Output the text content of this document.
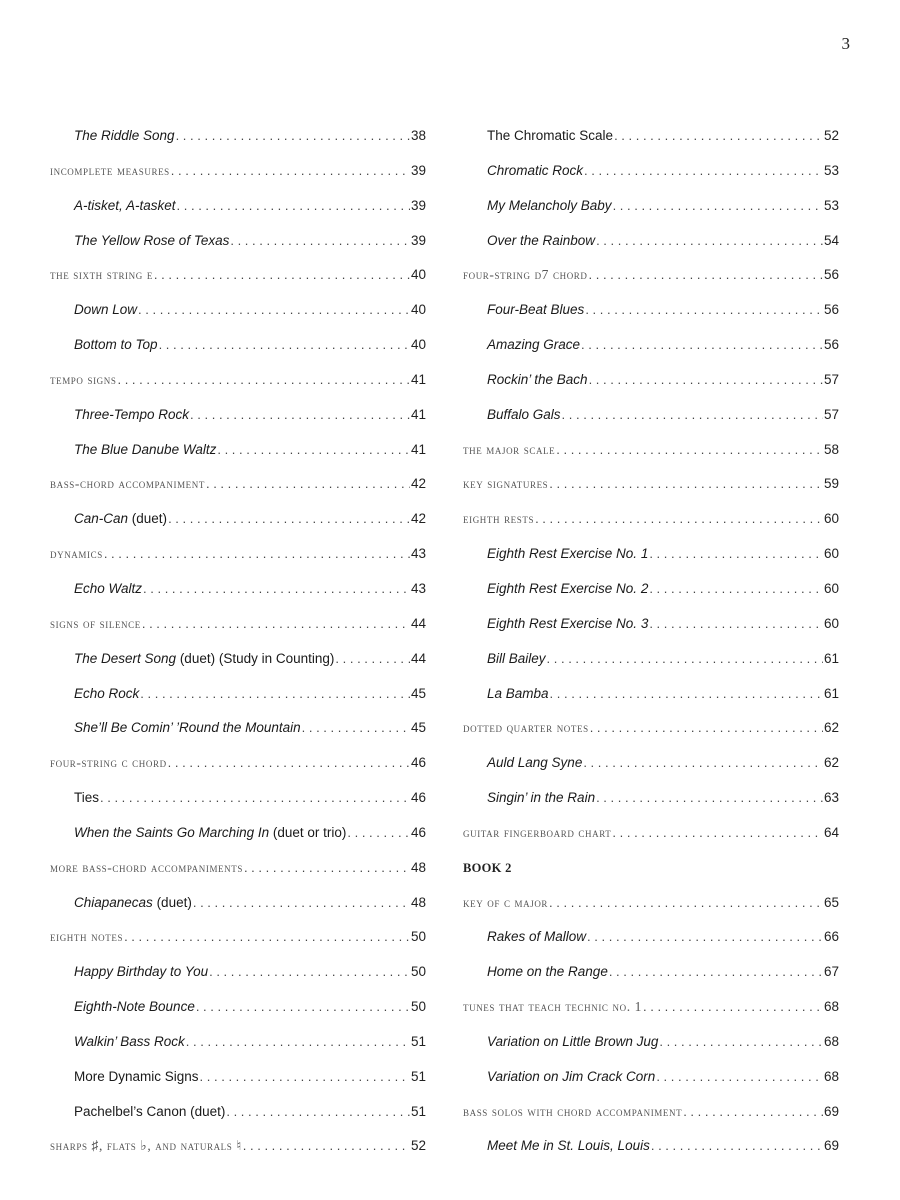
3
The Riddle Song . . .	38
incomplete measures . . .	39
A-tisket, A-tasket . . .	39
The Yellow Rose of Texas . . .	39
the sixth string e . . .	40
Down Low . . .	40
Bottom to Top . . .	40
tempo signs . . .	41
Three-Tempo Rock . . .	41
The Blue Danube Waltz . . .	41
bass-chord accompaniment . . .	42
Can-Can (duet) . . .	42
dynamics . . .	43
Echo Waltz . . .	43
signs of silence . . .	44
The Desert Song (duet) (Study in Counting) . . .	44
Echo Rock . . .	45
She’ll Be Comin’ ’Round the Mountain . . .	45
four-string c chord . . .	46
Ties . . .	46
When the Saints Go Marching In (duet or trio) . . .	46
more bass-chord accompaniments . . .	48
Chiapanecas (duet) . . .	48
eighth notes . . .	50
Happy Birthday to You . . .	50
Eighth-Note Bounce . . .	50
Walkin’ Bass Rock . . .	51
More Dynamic Signs . . .	51
Pachelbel’s Canon (duet) . . .	51
sharps ♯, flats ♭, and naturals ♮ . . .	52
The Chromatic Scale . . .	52
Chromatic Rock . . .	53
My Melancholy Baby . . .	53
Over the Rainbow . . .	54
four-string d7 chord . . .	56
Four-Beat Blues . . .	56
Amazing Grace . . .	56
Rockin’ the Bach . . .	57
Buffalo Gals . . .	57
the major scale . . .	58
key signatures . . .	59
eighth rests . . .	60
Eighth Rest Exercise No. 1 . . .	60
Eighth Rest Exercise No. 2 . . .	60
Eighth Rest Exercise No. 3 . . .	60
Bill Bailey . . .	61
La Bamba . . .	61
dotted quarter notes . . .	62
Auld Lang Syne . . .	62
Singin’ in the Rain . . .	63
guitar fingerboard chart . . .	64
BOOK 2
key of c major . . .	65
Rakes of Mallow . . .	66
Home on the Range . . .	67
tunes that teach technic no. 1 . . .	68
Variation on Little Brown Jug . . .	68
Variation on Jim Crack Corn . . .	68
bass solos with chord accompaniment . . .	69
Meet Me in St. Louis, Louis . . .	69
